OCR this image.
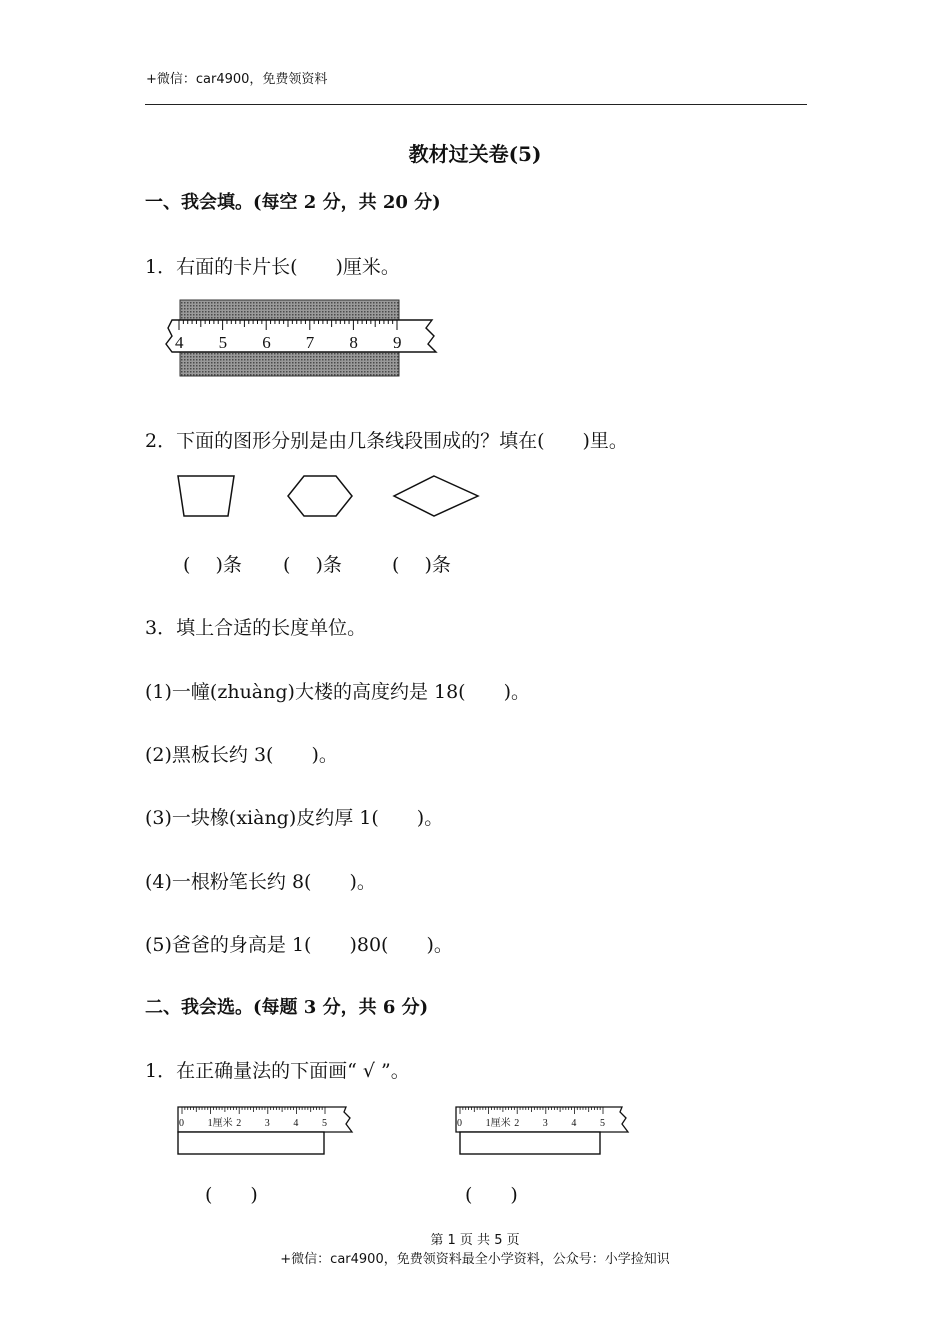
+微信：car4900，免费领资料
教材过关卷(5)
一、我会填。(每空 2 分，共 20 分)
1．右面的卡片长(　　)厘米。
4 5 6 7 8 9
2．下面的图形分别是由几条线段围成的？填在(　　)里。
(　 )条 (　 )条	(　 )条
3．填上合适的长度单位。
(1)一幢(zhuàng)大楼的高度约是 18(　　)。
(2)黑板长约 3(　　)。
(3)一块橡(xiàng)皮约厚 1(　　)。
(4)一根粉笔长约 8(　　)。
(5)爸爸的身高是 1(　　)80(　　)。
二、我会选。(每题 3 分，共 6 分)
1．在正确量法的下面画“ √ ”。
0 1厘米 2 3 4 5	0 1厘米 2 3 4 5
(　　)	(　　)
第 1 页 共 5 页
+微信：car4900，免费领资料最全小学资料，公众号：小学捡知识
